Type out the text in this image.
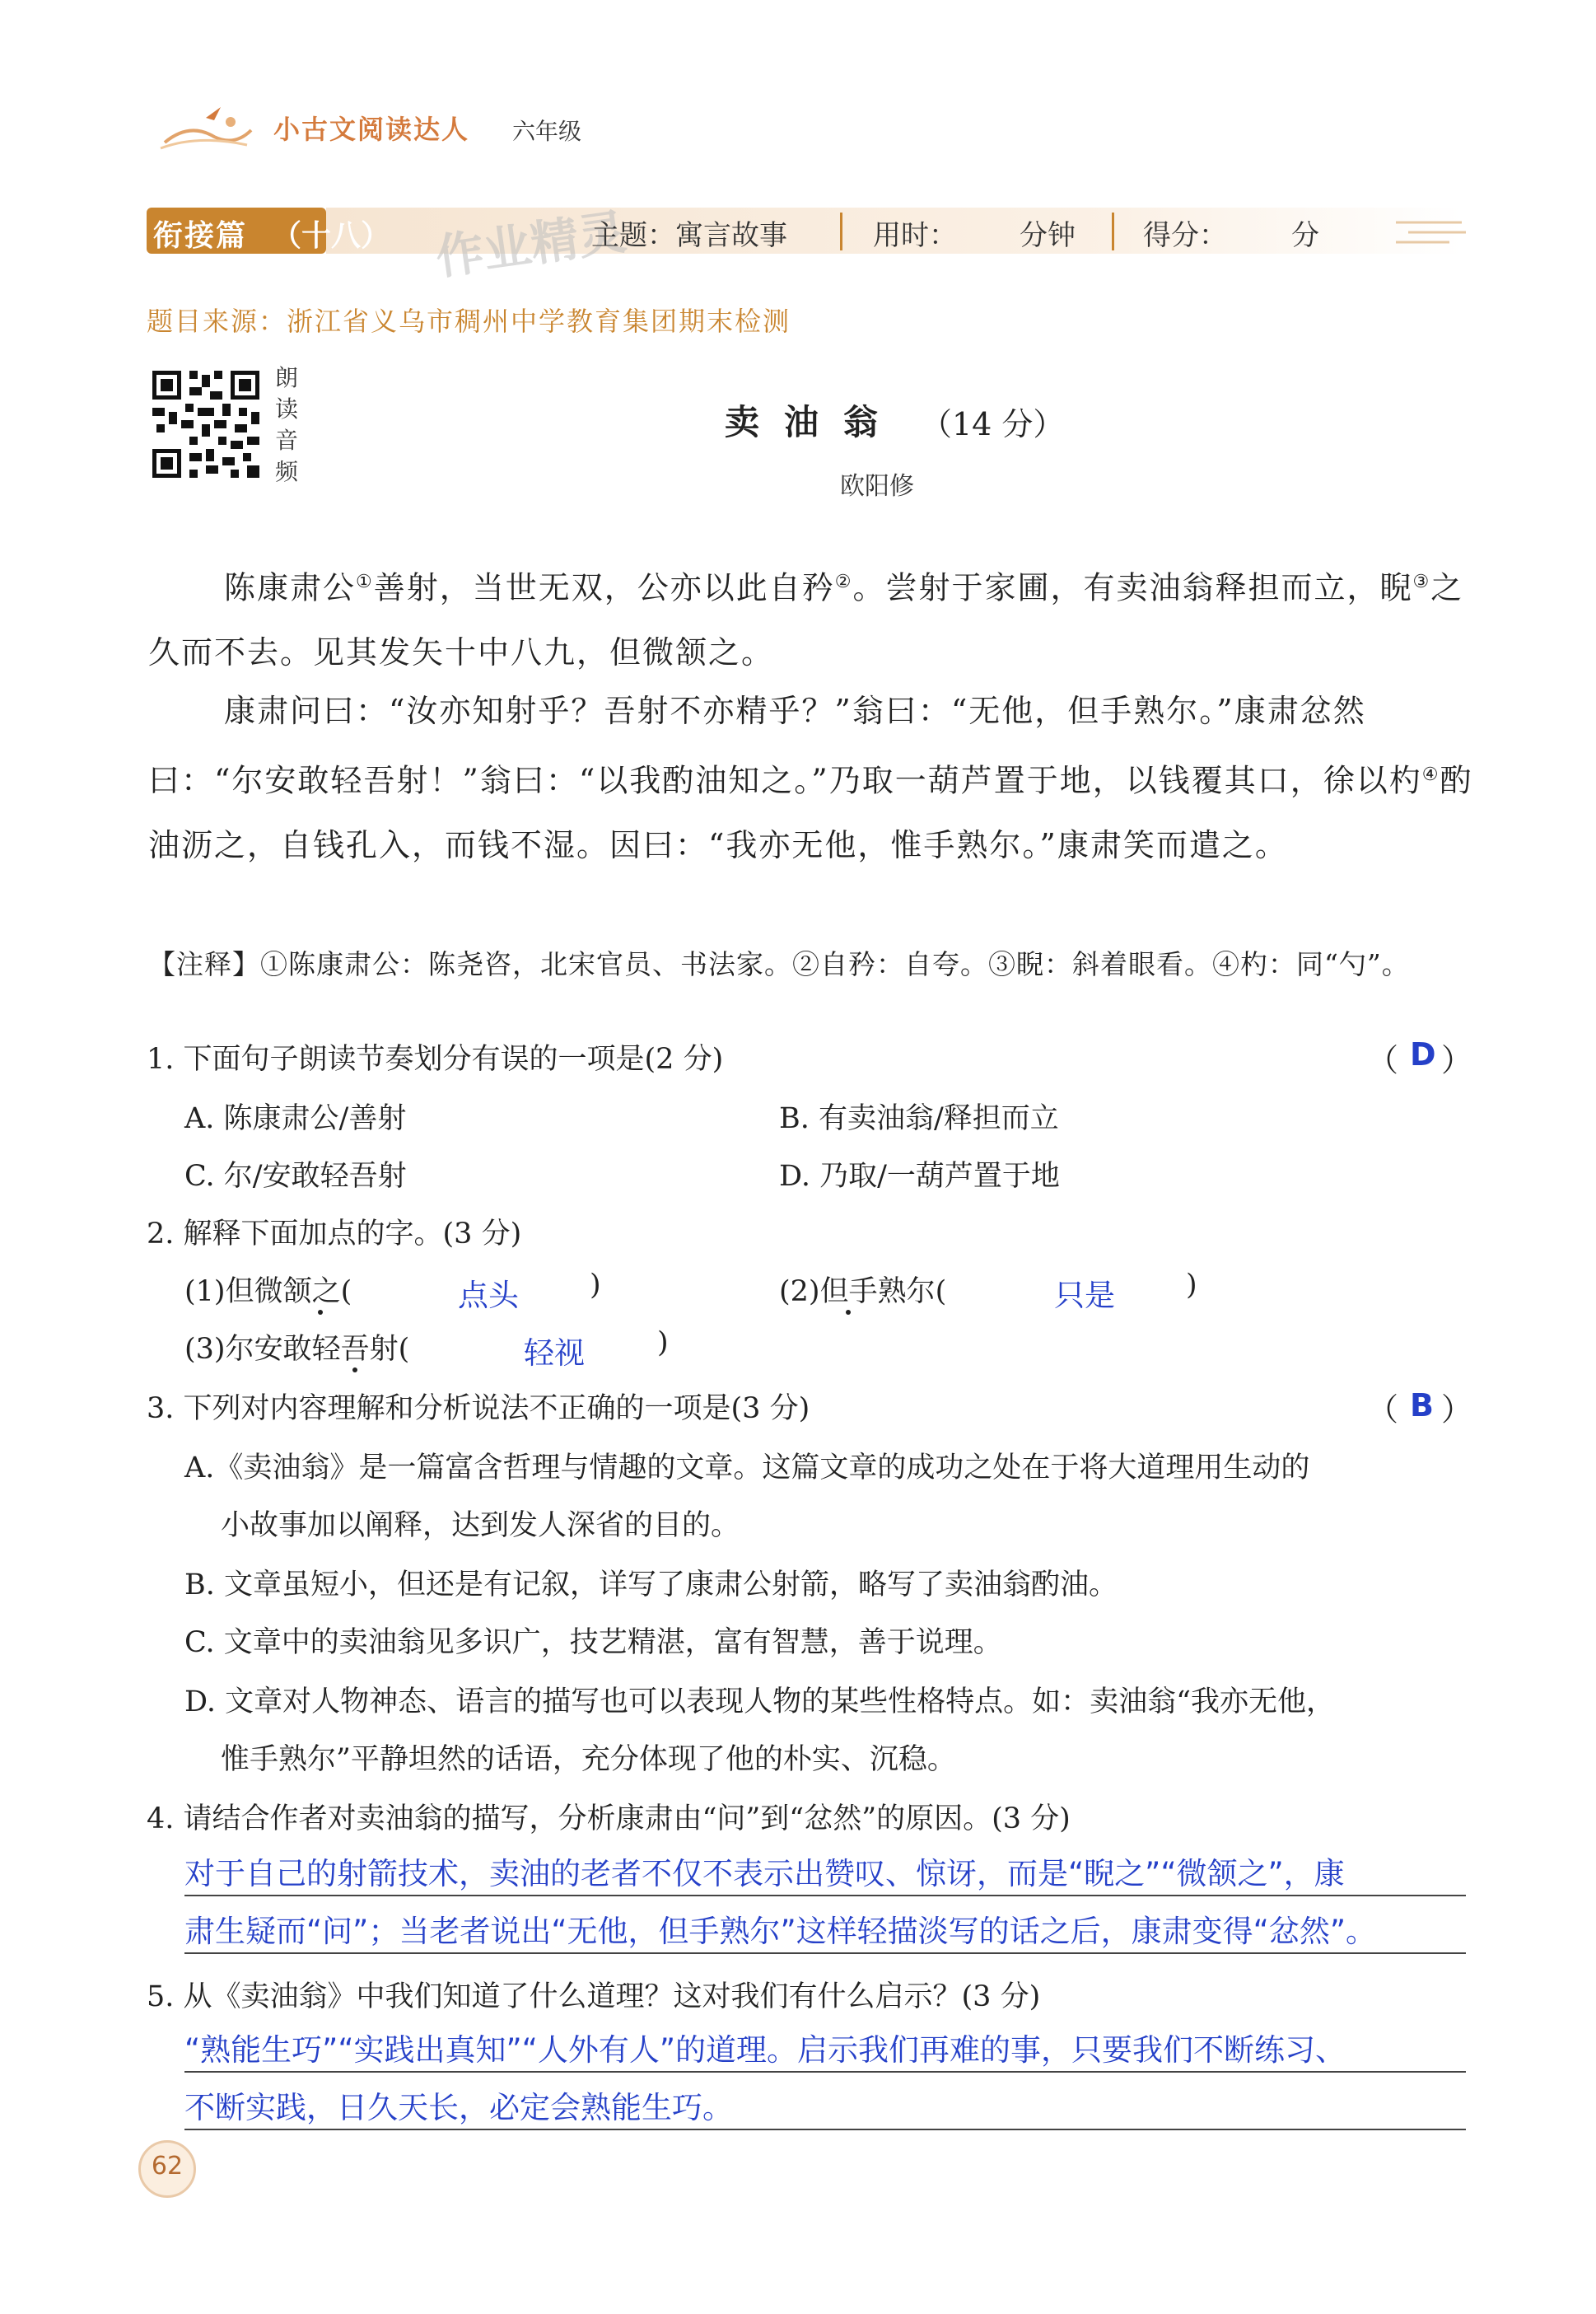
小古文阅读达人 六年级
衔接篇 （十八） 作业精灵
主题：寓言故事	用时： 分钟 得分： 分
题目来源：浙江省义乌市稠州中学教育集团期末检测
朗读音频
卖油翁 （14 分）
欧阳修
陈康肃公①善射，当世无双，公亦以此自矜②。尝射于家圃，有卖油翁释担而立，睨③之久而不去。见其发矢十中八九，但微颔之。
康肃问曰：“汝亦知射乎？吾射不亦精乎？”翁曰：“无他，但手熟尔。”康肃忿然曰：“尔安敢轻吾射！”翁曰：“以我酌油知之。”乃取一葫芦置于地，以钱覆其口，徐以杓④酌油沥之，自钱孔入，而钱不湿。因曰：“我亦无他，惟手熟尔。”康肃笑而遣之。
【注释】①陈康肃公：陈尧咨，北宋官员、书法家。②自矜：自夸。③睨：斜着眼看。④杓：同“勺”。
1. 下面句子朗读节奏划分有误的一项是(2 分)	（ D ）
A. 陈康肃公/善射	B. 有卖油翁/释担而立
C. 尔/安敢轻吾射	D. 乃取/一葫芦置于地
2. 解释下面加点的字。(3 分)
(1)但微颔之(	点头 )	(2)但手熟尔(	只是 )
(3)尔安敢轻吾射(	轻视	)
3. 下列对内容理解和分析说法不正确的一项是(3 分)	（ B ）
A.《卖油翁》是一篇富含哲理与情趣的文章。这篇文章的成功之处在于将大道理用生动的
小故事加以阐释，达到发人深省的目的。
B. 文章虽短小，但还是有记叙，详写了康肃公射箭，略写了卖油翁酌油。
C. 文章中的卖油翁见多识广，技艺精湛，富有智慧，善于说理。
D. 文章对人物神态、语言的描写也可以表现人物的某些性格特点。如：卖油翁“我亦无他，
惟手熟尔”平静坦然的话语，充分体现了他的朴实、沉稳。
4. 请结合作者对卖油翁的描写，分析康肃由“问”到“忿然”的原因。(3 分)
对于自己的射箭技术，卖油的老者不仅不表示出赞叹、惊讶，而是“睨之”“微颔之”，康
肃生疑而“问”；当老者说出“无他，但手熟尔”这样轻描淡写的话之后，康肃变得“忿然”。
5. 从《卖油翁》中我们知道了什么道理？这对我们有什么启示？(3 分)
“熟能生巧”“实践出真知”“人外有人”的道理。启示我们再难的事，只要我们不断练习、
不断实践，日久天长，必定会熟能生巧。
62
